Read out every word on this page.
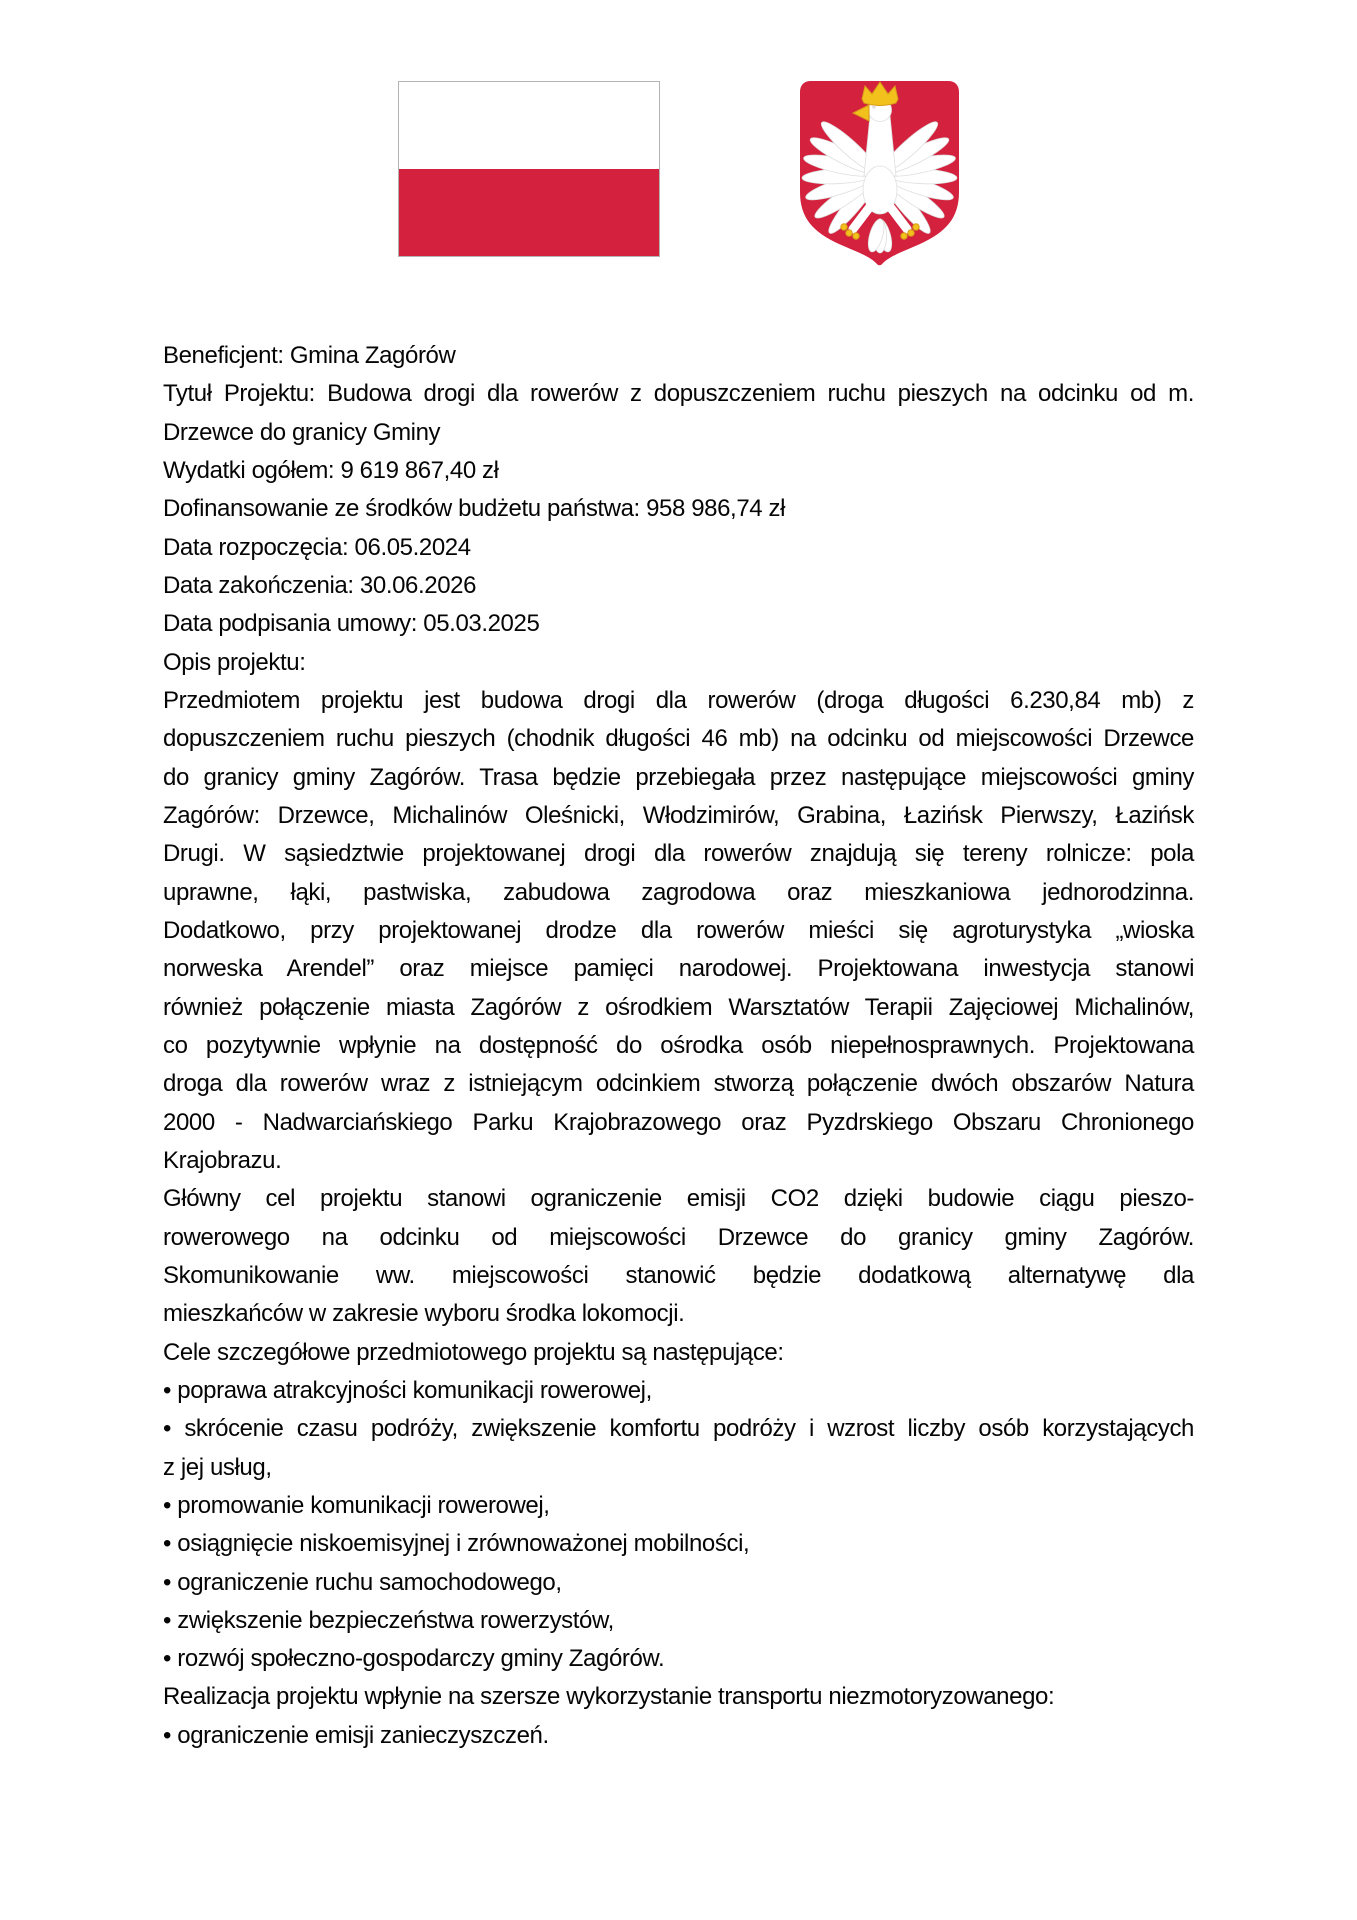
Beneficjent: Gmina Zagórów
Tytuł Projektu: Budowa drogi dla rowerów z dopuszczeniem ruchu pieszych na odcinku od m.
Drzewce do granicy Gminy
Wydatki ogółem: 9 619 867,40 zł
Dofinansowanie ze środków budżetu państwa: 958 986,74 zł
Data rozpoczęcia: 06.05.2024
Data zakończenia: 30.06.2026
Data podpisania umowy: 05.03.2025
Opis projektu:
Przedmiotem projektu jest budowa drogi dla rowerów (droga długości 6.230,84 mb) z
dopuszczeniem ruchu pieszych (chodnik długości 46 mb) na odcinku od miejscowości Drzewce
do granicy gminy Zagórów. Trasa będzie przebiegała przez następujące miejscowości gminy
Zagórów: Drzewce, Michalinów Oleśnicki, Włodzimirów, Grabina, Łazińsk Pierwszy, Łazińsk
Drugi. W sąsiedztwie projektowanej drogi dla rowerów znajdują się tereny rolnicze: pola
uprawne, łąki, pastwiska, zabudowa zagrodowa oraz mieszkaniowa jednorodzinna.
Dodatkowo, przy projektowanej drodze dla rowerów mieści się agroturystyka „wioska
norweska Arendel” oraz miejsce pamięci narodowej. Projektowana inwestycja stanowi
również połączenie miasta Zagórów z ośrodkiem Warsztatów Terapii Zajęciowej Michalinów,
co pozytywnie wpłynie na dostępność do ośrodka osób niepełnosprawnych. Projektowana
droga dla rowerów wraz z istniejącym odcinkiem stworzą połączenie dwóch obszarów Natura
2000 - Nadwarciańskiego Parku Krajobrazowego oraz Pyzdrskiego Obszaru Chronionego
Krajobrazu.
Główny cel projektu stanowi ograniczenie emisji CO2 dzięki budowie ciągu pieszo-
rowerowego na odcinku od miejscowości Drzewce do granicy gminy Zagórów.
Skomunikowanie ww. miejscowości stanowić będzie dodatkową alternatywę dla
mieszkańców w zakresie wyboru środka lokomocji.
Cele szczegółowe przedmiotowego projektu są następujące:
• poprawa atrakcyjności komunikacji rowerowej,
• skrócenie czasu podróży, zwiększenie komfortu podróży i wzrost liczby osób korzystających
z jej usług,
• promowanie komunikacji rowerowej,
• osiągnięcie niskoemisyjnej i zrównoważonej mobilności,
• ograniczenie ruchu samochodowego,
• zwiększenie bezpieczeństwa rowerzystów,
• rozwój społeczno-gospodarczy gminy Zagórów.
Realizacja projektu wpłynie na szersze wykorzystanie transportu niezmotoryzowanego:
• ograniczenie emisji zanieczyszczeń.
